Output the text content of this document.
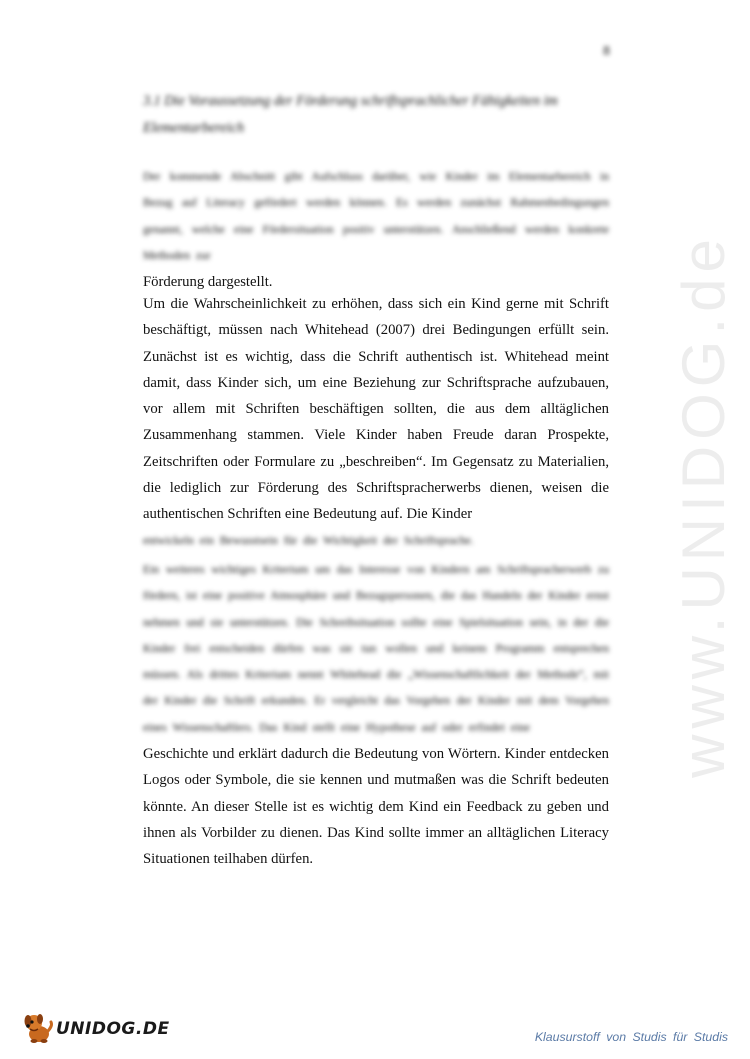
8
3.1 Die Voraussetzung der Förderung schriftsprachlicher Fähigkeiten im Elementarbereich
Der kommende Abschnitt gibt Aufschluss darüber, wie Kinder im Elementarbereich in Bezug auf Literacy gefördert werden können. Es werden zunächst Rahmenbedingungen genannt, welche eine Fördersituation positiv unterstützen. Anschließend werden konkrete Methoden zur
Förderung dargestellt.
Um die Wahrscheinlichkeit zu erhöhen, dass sich ein Kind gerne mit Schrift beschäftigt, müssen nach Whitehead (2007) drei Bedingungen erfüllt sein. Zunächst ist es wichtig, dass die Schrift authentisch ist. Whitehead meint damit, dass Kinder sich, um eine Beziehung zur Schriftsprache aufzubauen, vor allem mit Schriften beschäftigen sollten, die aus dem alltäglichen Zusammenhang stammen. Viele Kinder haben Freude daran Prospekte, Zeitschriften oder Formulare zu „beschreiben“. Im Gegensatz zu Materialien, die lediglich zur Förderung des Schriftspracherwerbs dienen, weisen die authentischen Schriften eine Bedeutung auf. Die Kinder
entwickeln ein Bewusstsein für die Wichtigkeit der Schriftsprache.
Ein weiteres wichtiges Kriterium um das Interesse von Kindern am Schriftspracherwerb zu fördern, ist eine positive Atmosphäre und Bezugspersonen, die das Handeln der Kinder ernst nehmen und sie unterstützen. Die Schreibsituation sollte eine Spielsituation sein, in der die Kinder frei entscheiden dürfen was sie tun wollen und keinem Programm entsprechen müssen. Als drittes Kriterium nennt Whitehead die „Wissenschaftlichkeit der Methode“, mit der Kinder die Schrift erkunden. Er vergleicht das Vorgehen der Kinder mit dem Vorgehen eines Wissenschaftlers. Das Kind stellt eine Hypothese auf oder erfindet eine
Geschichte und erklärt dadurch die Bedeutung von Wörtern. Kinder entdecken Logos oder Symbole, die sie kennen und mutmaßen was die Schrift bedeuten könnte. An dieser Stelle ist es wichtig dem Kind ein Feedback zu geben und ihnen als Vorbilder zu dienen. Das Kind sollte immer an alltäglichen Literacy Situationen teilhaben dürfen.
www.UNIDOG.de
UNIDOG.DE	Klausurstoff von Studis für Studis
